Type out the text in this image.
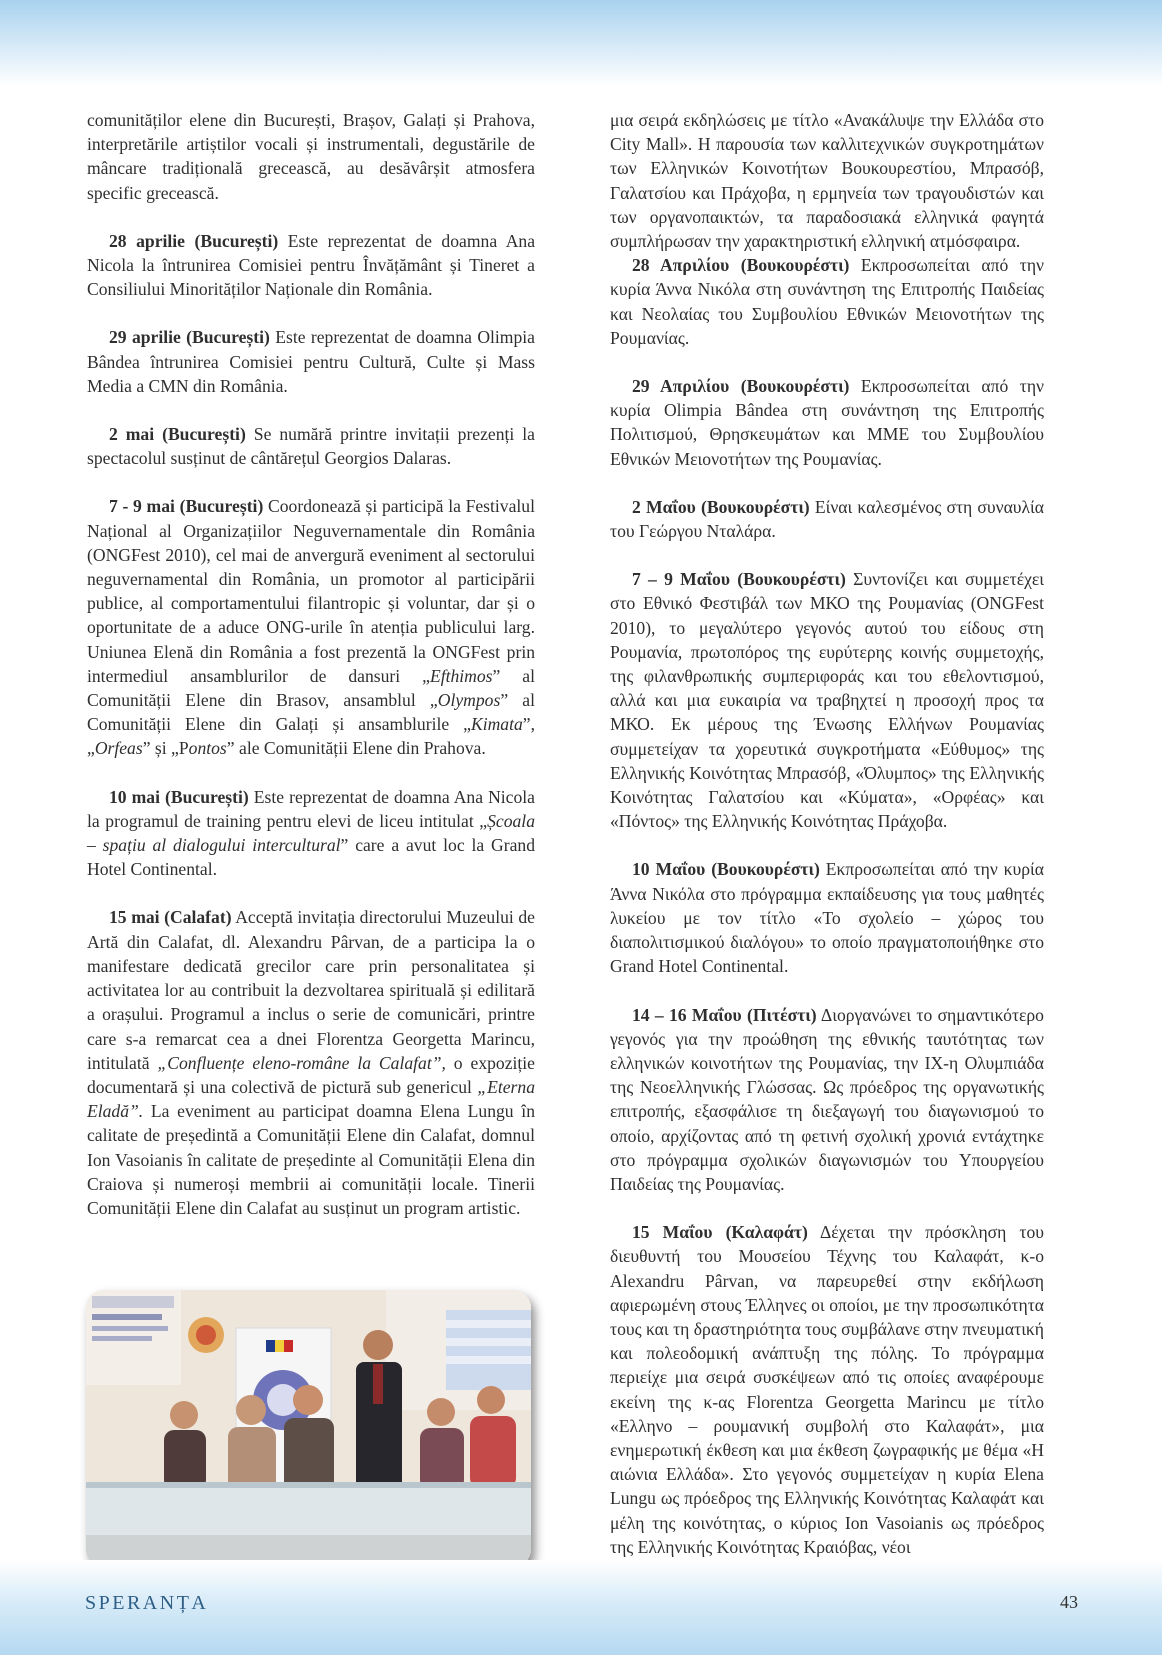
comunităților elene din București, Brașov, Galați și Prahova, interpretările artiștilor vocali și instrumentali, degustările de mâncare tradițională grecească, au desăvârșit atmosfera specific grecească.

28 aprilie (București) Este reprezentat de doamna Ana Nicola la întrunirea Comisiei pentru Învățământ și Tineret a Consiliului Minorităților Naționale din România.

29 aprilie (București) Este reprezentat de doamna Olimpia Bândea întrunirea Comisiei pentru Cultură, Culte și Mass Media a CMN din România.

2 mai (București) Se numără printre invitații prezenți la spectacolul susținut de cântărețul Georgios Dalaras.

7 - 9 mai (București) Coordonează și participă la Festivalul Național al Organizațiilor Neguvernamentale din România (ONGFest 2010), cel mai de anvergură eveniment al sectorului neguvernamental din România, un promotor al participării publice, al comportamentului filantropic și voluntar, dar și o oportunitate de a aduce ONG-urile în atenția publicului larg. Uniunea Elenă din România a fost prezentă la ONGFest prin intermediul ansamblurilor de dansuri „Efthimos” al Comunității Elene din Brasov, ansamblul „Olympos” al Comunității Elene din Galați și ansamblurile „Kimata”, „Orfeas” și „Pontos” ale Comunității Elene din Prahova.

10 mai (București) Este reprezentat de doamna Ana Nicola la programul de training pentru elevi de liceu intitulat „Școala – spațiu al dialogului intercultural” care a avut loc la Grand Hotel Continental.

15 mai (Calafat) Acceptă invitația directorului Muzeului de Artă din Calafat, dl. Alexandru Pârvan, de a participa la o manifestare dedicată grecilor care prin personalitatea și activitatea lor au contribuit la dezvoltarea spirituală și edilitară a orașului. Programul a inclus o serie de comunicări, printre care s-a remarcat cea a dnei Florentza Georgetta Marincu, intitulată „Confluențe eleno-române la Calafat”, o expoziție documentară și una colectivă de pictură sub genericul „Eterna Eladă”. La eveniment au participat doamna Elena Lungu în calitate de președintă a Comunității Elene din Calafat, domnul Ion Vasoianis în calitate de președinte al Comunității Elena din Craiova și numeroși membrii ai comunității locale. Tinerii Comunității Elene din Calafat au susținut un program artistic.

μια σειρά εκδηλώσεις με τίτλο «Ανακάλυψε την Ελλάδα στο City Mall». Η παρουσία των καλλιτεχνικών συγκροτημάτων των Ελληνικών Κοινοτήτων Βουκουρεστίου, Μπρασόβ, Γαλατσίου και Πράχοβα, η ερμηνεία των τραγουδιστών και των οργανοπαικτών, τα παραδοσιακά ελληνικά φαγητά συμπλήρωσαν την χαρακτηριστική ελληνική ατμόσφαιρα.

28 Απριλίου (Βουκουρέστι) Εκπροσωπείται από την κυρία Άννα Νικόλα στη συνάντηση της Επιτροπής Παιδείας και Νεολαίας του Συμβουλίου Εθνικών Μειονοτήτων της Ρουμανίας.

29 Απριλίου (Βουκουρέστι) Εκπροσωπείται από την κυρία Olimpia Bândea στη συνάντηση της Επιτροπής Πολιτισμού, Θρησκευμάτων και ΜΜΕ του Συμβουλίου Εθνικών Μειονοτήτων της Ρουμανίας.

2 Μαΐου (Βουκουρέστι) Είναι καλεσμένος στη συναυλία του Γεώργου Νταλάρα.

7 – 9 Μαΐου (Βουκουρέστι) Συντονίζει και συμμετέχει στο Εθνικό Φεστιβάλ των ΜΚΟ της Ρουμανίας (ONGFest 2010), το μεγαλύτερο γεγονός αυτού του είδους στη Ρουμανία, πρωτοπόρος της ευρύτερης κοινής συμμετοχής, της φιλανθρωπικής συμπεριφοράς και του εθελοντισμού, αλλά και μια ευκαιρία να τραβηχτεί η προσοχή προς τα ΜΚΟ. Εκ μέρους της Ένωσης Ελλήνων Ρουμανίας συμμετείχαν τα χορευτικά συγκροτήματα «Εύθυμος» της Ελληνικής Κοινότητας Μπρασόβ, «Όλυμπος» της Ελληνικής Κοινότητας Γαλατσίου και «Κύματα», «Ορφέας» και «Πόντος» της Ελληνικής Κοινότητας Πράχοβα.

10 Μαΐου (Βουκουρέστι) Εκπροσωπείται από την κυρία Άννα Νικόλα στο πρόγραμμα εκπαίδευσης για τους μαθητές λυκείου με τον τίτλο «Το σχολείο – χώρος του διαπολιτισμικού διαλόγου» το οποίο πραγματοποιήθηκε στο Grand Hotel Continental.

14 – 16 Μαΐου (Πιτέστι) Διοργανώνει το σημαντικότερο γεγονός για την προώθηση της εθνικής ταυτότητας των ελληνικών κοινοτήτων της Ρουμανίας, την ΙΧ-η Ολυμπιάδα της Νεοελληνικής Γλώσσας. Ως πρόεδρος της οργανωτικής επιτροπής, εξασφάλισε τη διεξαγωγή του διαγωνισμού το οποίο, αρχίζοντας από τη φετινή σχολική χρονιά εντάχτηκε στο πρόγραμμα σχολικών διαγωνισμών του Υπουργείου Παιδείας της Ρουμανίας.

15 Μαΐου (Καλαφάτ) Δέχεται την πρόσκληση του διευθυντή του Μουσείου Τέχνης του Καλαφάτ, κ-ο Alexandru Pârvan, να παρευρεθεί στην εκδήλωση αφιερωμένη στους Έλληνες οι οποίοι, με την προσωπικότητα τους και τη δραστηριότητα τους συμβάλανε στην πνευματική και πολεοδομική ανάπτυξη της πόλης. Το πρόγραμμα περιείχε μια σειρά συσκέψεων από τις οποίες αναφέρουμε εκείνη της κ-ας Florentza Georgetta Marincu με τίτλο «Ελληνο – ρουμανική συμβολή στο Καλαφάτ», μια ενημερωτική έκθεση και μια έκθεση ζωγραφικής με θέμα «Η αιώνια Ελλάδα». Στο γεγονός συμμετείχαν η κυρία Elena Lungu ως πρόεδρος της Ελληνικής Κοινότητας Καλαφάτ και μέλη της κοινότητας, ο κύριος Ion Vasoianis ως πρόεδρος της Ελληνικής Κοινότητας Κραιόβας, νέοι

SPERANȚA	43
